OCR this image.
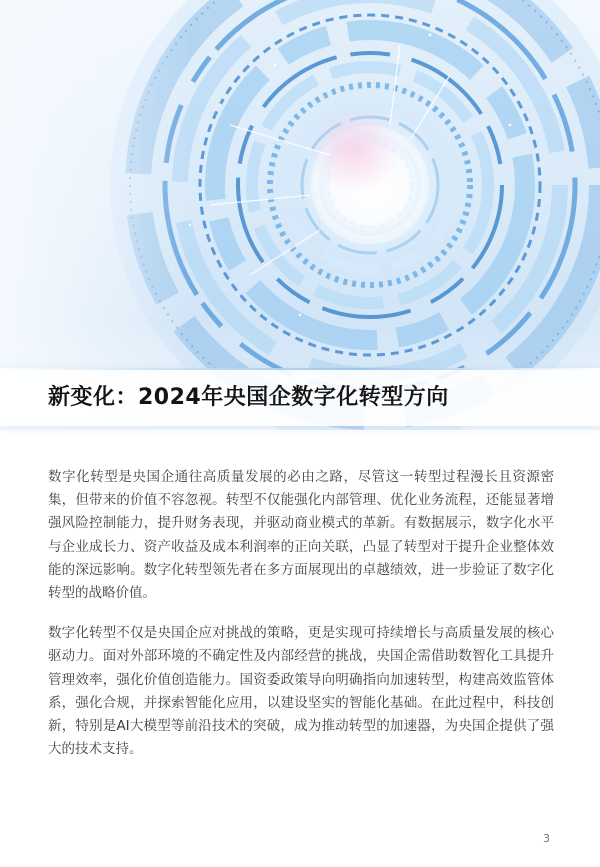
新变化：2024年央国企数字化转型方向

数字化转型是央国企通往高质量发展的必由之路，尽管这一转型过程漫长且资源密集，但带来的价值不容忽视。转型不仅能强化内部管理、优化业务流程，还能显著增强风险控制能力，提升财务表现，并驱动商业模式的革新。有数据展示，数字化水平与企业成长力、资产收益及成本利润率的正向关联，凸显了转型对于提升企业整体效能的深远影响。数字化转型领先者在多方面展现出的卓越绩效，进一步验证了数字化转型的战略价值。

数字化转型不仅是央国企应对挑战的策略，更是实现可持续增长与高质量发展的核心驱动力。面对外部环境的不确定性及内部经营的挑战，央国企需借助数智化工具提升管理效率，强化价值创造能力。国资委政策导向明确指向加速转型，构建高效监管体系，强化合规，并探索智能化应用，以建设坚实的智能化基础。在此过程中，科技创新，特别是AI大模型等前沿技术的突破，成为推动转型的加速器，为央国企提供了强大的技术支持。

3
